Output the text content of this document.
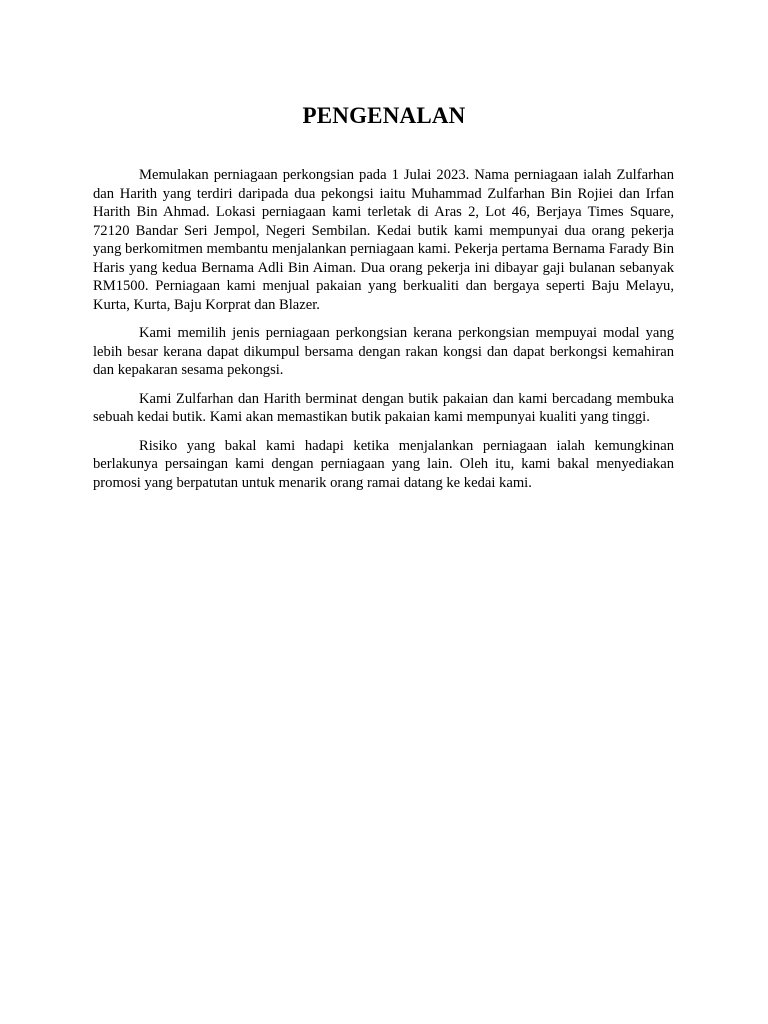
PENGENALAN

Memulakan perniagaan perkongsian pada 1 Julai 2023. Nama perniagaan ialah Zulfarhan dan Harith yang terdiri daripada dua pekongsi iaitu Muhammad Zulfarhan Bin Rojiei dan Irfan Harith Bin Ahmad. Lokasi perniagaan kami terletak di Aras 2, Lot 46, Berjaya Times Square, 72120 Bandar Seri Jempol, Negeri Sembilan. Kedai butik kami mempunyai dua orang pekerja yang berkomitmen membantu menjalankan perniagaan kami. Pekerja pertama Bernama Farady Bin Haris yang kedua Bernama Adli Bin Aiman. Dua orang pekerja ini dibayar gaji bulanan sebanyak RM1500. Perniagaan kami menjual pakaian yang berkualiti dan bergaya seperti Baju Melayu, Kurta, Kurta, Baju Korprat dan Blazer.

Kami memilih jenis perniagaan perkongsian kerana perkongsian mempuyai modal yang lebih besar kerana dapat dikumpul bersama dengan rakan kongsi dan dapat berkongsi kemahiran dan kepakaran sesama pekongsi.

Kami Zulfarhan dan Harith berminat dengan butik pakaian dan kami bercadang membuka sebuah kedai butik. Kami akan memastikan butik pakaian kami mempunyai kualiti yang tinggi.

Risiko yang bakal kami hadapi ketika menjalankan perniagaan ialah kemungkinan berlakunya persaingan kami dengan perniagaan yang lain. Oleh itu, kami bakal menyediakan promosi yang berpatutan untuk menarik orang ramai datang ke kedai kami.
